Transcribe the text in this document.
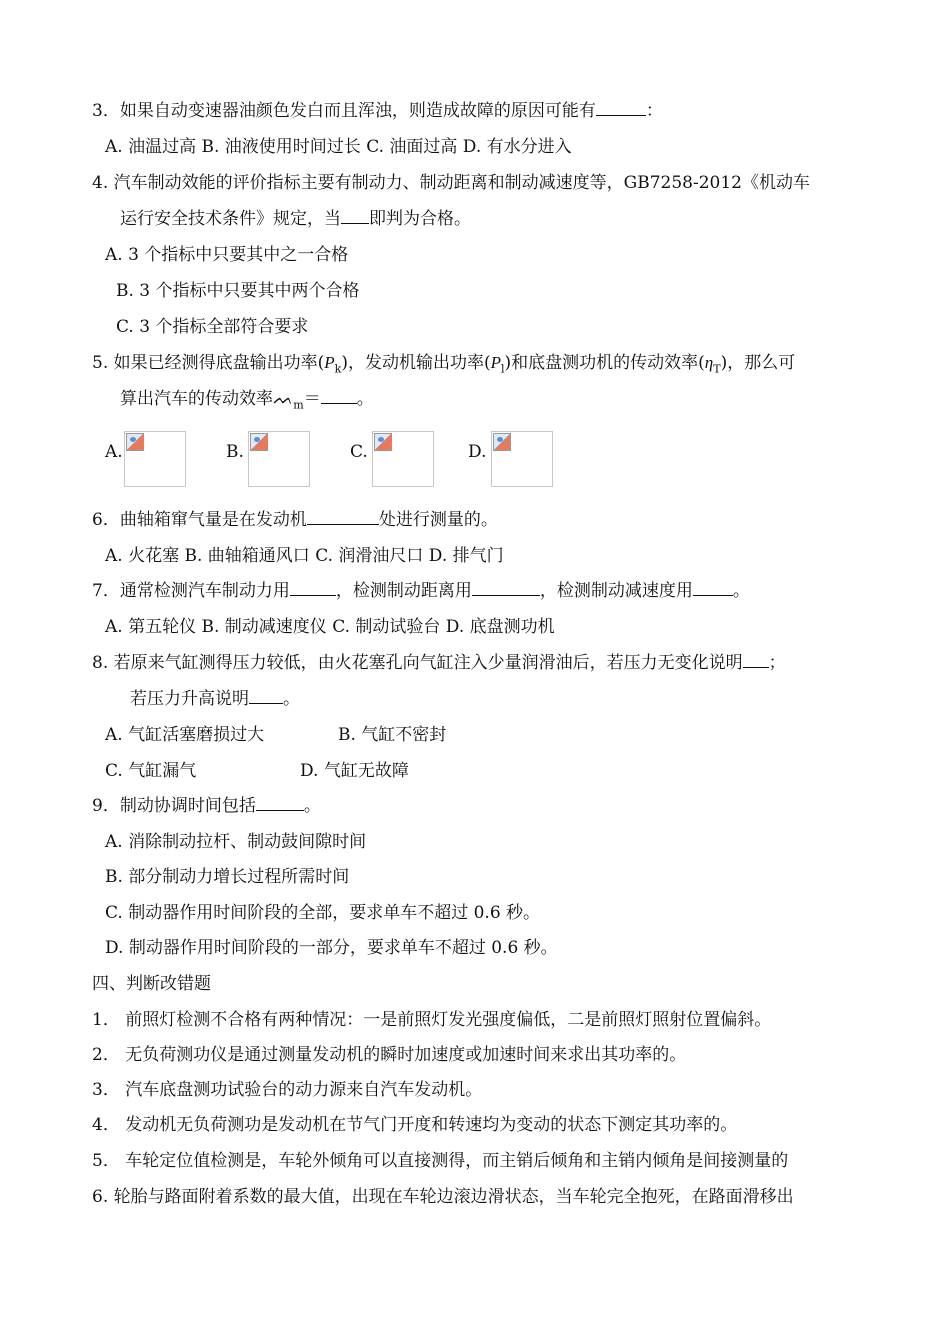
3．如果自动变速器油颜色发白而且浑浊，则造成故障的原因可能有	：
A. 油温过高 B. 油液使用时间过长 C. 油面过高 D. 有水分进入
4. 汽车制动效能的评价指标主要有制动力、制动距离和制动减速度等，GB7258-2012《机动车
运行安全技术条件》规定，当 即判为合格。
A. 3 个指标中只要其中之一合格
B. 3 个指标中只要其中两个合格
C. 3 个指标全部符合要求
5. 如果已经测得底盘输出功率$(P_k)$，发动机输出功率$(P_l)$和底盘测功机的传动效率$(\eta_T)$，那么可
算出汽车的传动效率ᨓ$_m$＝ 。
A.	B.	C.	D.
6．曲轴箱窜气量是在发动机	处进行测量的。
A. 火花塞 B. 曲轴箱通风口 C. 润滑油尺口 D. 排气门
7．通常检测汽车制动力用	，检测制动距离用	，检测制动减速度用 。
A. 第五轮仪 B. 制动减速度仪 C. 制动试验台 D. 底盘测功机
8. 若原来气缸测得压力较低，由火花塞孔向气缸注入少量润滑油后，若压力无变化说明 ；
若压力升高说明 。
A. 气缸活塞磨损过大	B. 气缸不密封
C. 气缸漏气	D. 气缸无故障
9．制动协调时间包括	。
A. 消除制动拉杆、制动鼓间隙时间
B. 部分制动力增长过程所需时间
C. 制动器作用时间阶段的全部，要求单车不超过 0.6 秒。
D. 制动器作用时间阶段的一部分，要求单车不超过 0.6 秒。
四、判断改错题
1． 前照灯检测不合格有两种情况：一是前照灯发光强度偏低，二是前照灯照射位置偏斜。
2． 无负荷测功仪是通过测量发动机的瞬时加速度或加速时间来求出其功率的。
3． 汽车底盘测功试验台的动力源来自汽车发动机。
4． 发动机无负荷测功是发动机在节气门开度和转速均为变动的状态下测定其功率的。
5． 车轮定位值检测是，车轮外倾角可以直接测得，而主销后倾角和主销内倾角是间接测量的
6. 轮胎与路面附着系数的最大值，出现在车轮边滚边滑状态，当车轮完全抱死，在路面滑移出
